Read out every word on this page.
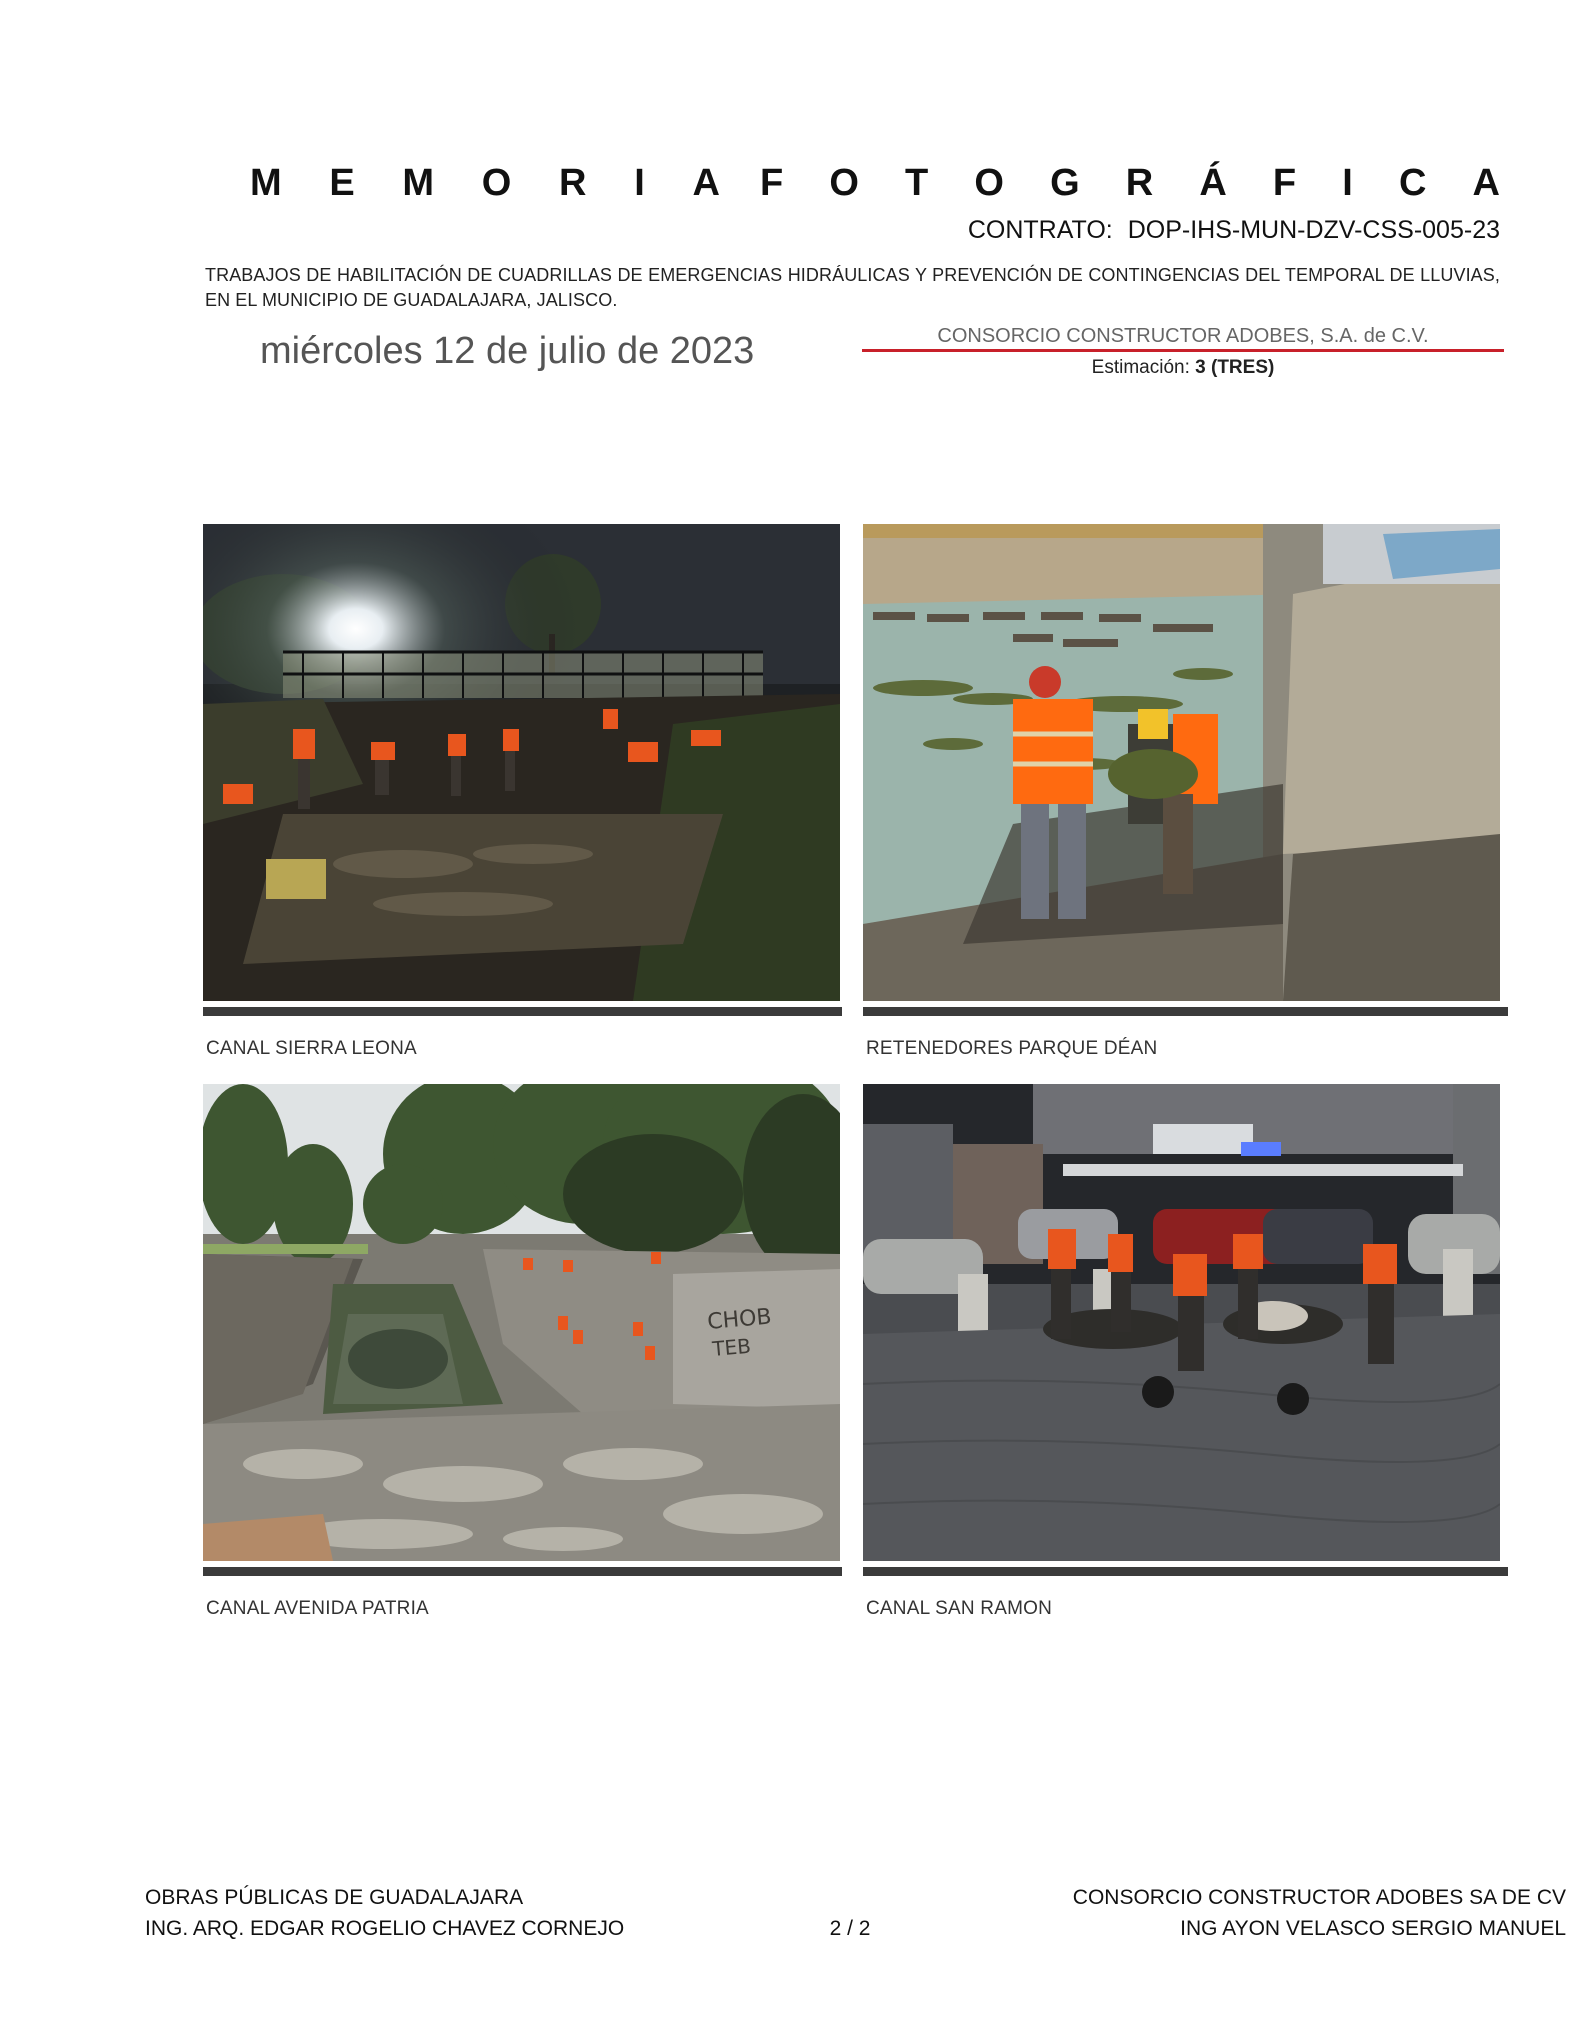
M E M O R I A F O T O G R Á F I C A
CONTRATO: DOP-IHS-MUN-DZV-CSS-005-23
TRABAJOS DE HABILITACIÓN DE CUADRILLAS DE EMERGENCIAS HIDRÁULICAS Y PREVENCIÓN DE CONTINGENCIAS DEL TEMPORAL DE LLUVIAS, EN EL MUNICIPIO DE GUADALAJARA, JALISCO.
miércoles 12 de julio de 2023	CONSORCIO CONSTRUCTOR ADOBES, S.A. de C.V.
Estimación: 3 (TRES)
CANAL SIERRA LEONA	RETENEDORES PARQUE DÉAN
CHOB
TEB
CANAL AVENIDA PATRIA	CANAL SAN RAMON
OBRAS PÚBLICAS DE GUADALAJARA
ING. ARQ. EDGAR ROGELIO CHAVEZ CORNEJO	2 / 2
CONSORCIO CONSTRUCTOR ADOBES SA DE CV
ING AYON VELASCO SERGIO MANUEL
